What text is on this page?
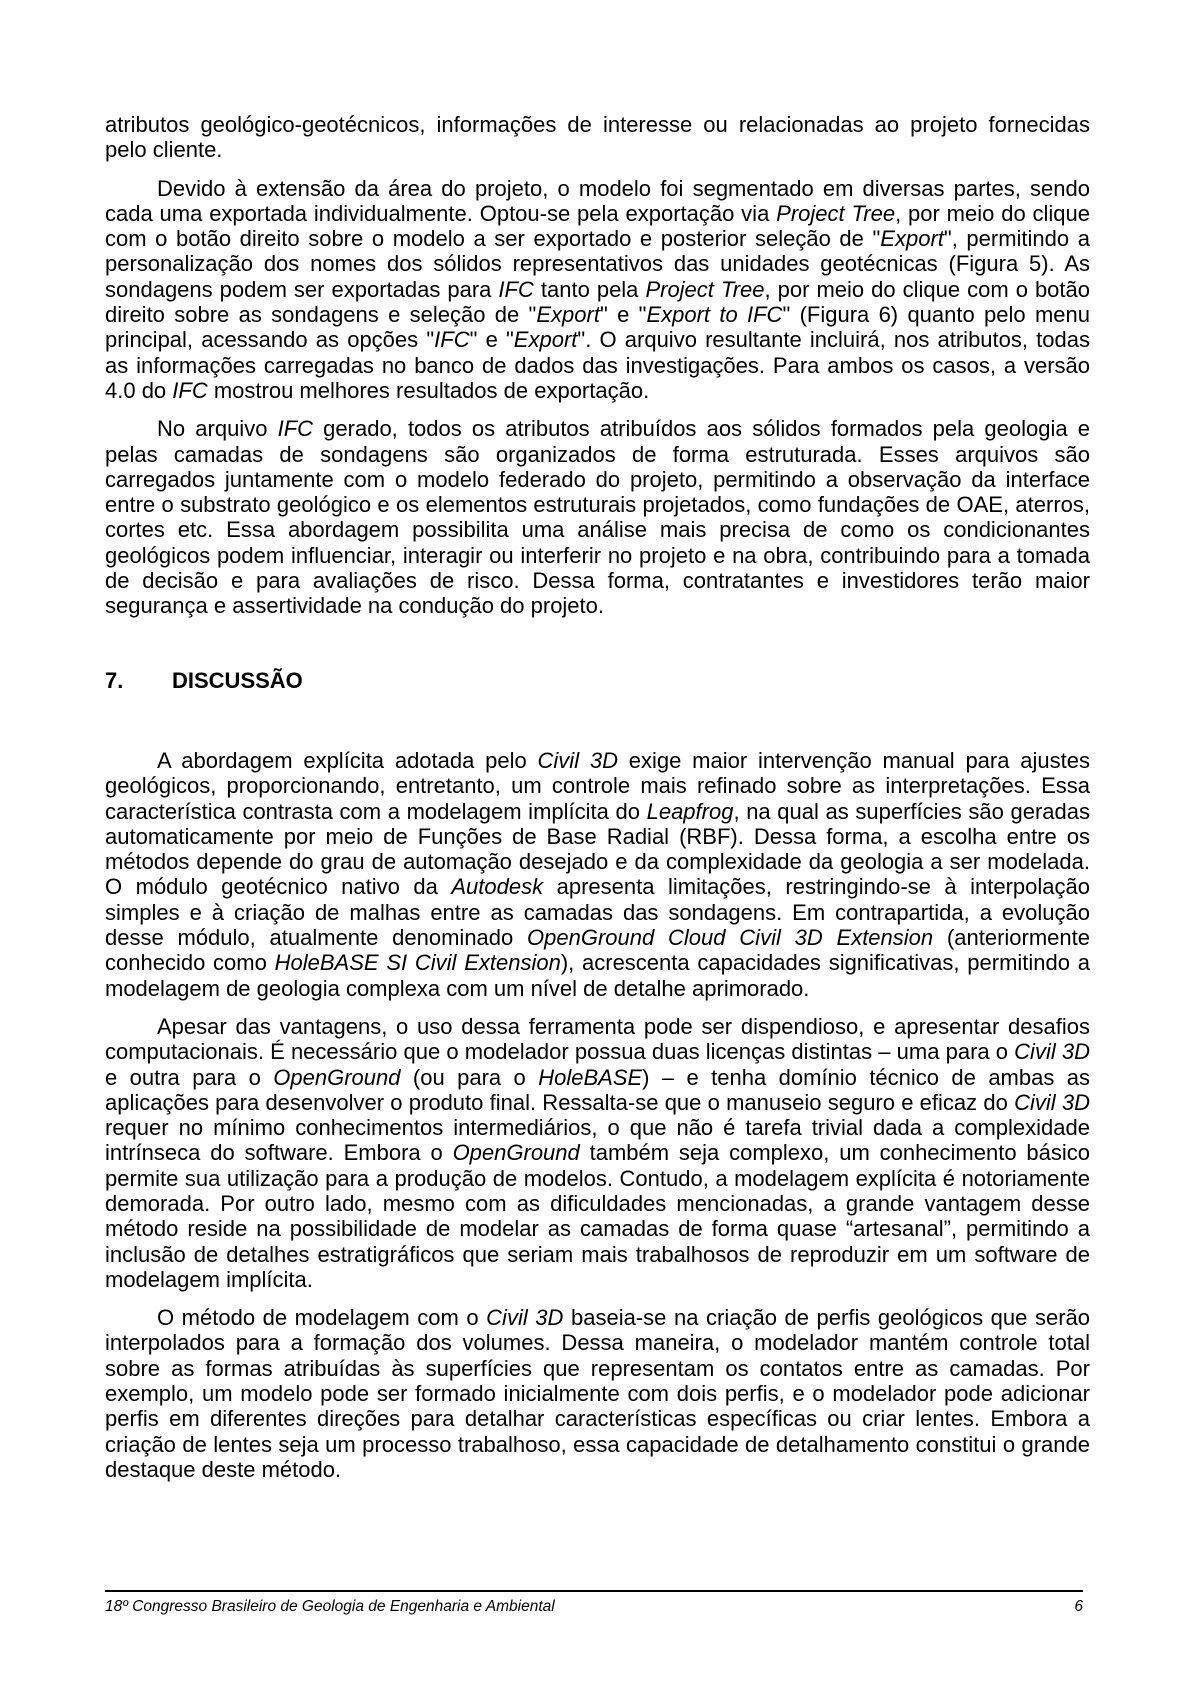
atributos geológico-geotécnicos, informações de interesse ou relacionadas ao projeto fornecidas pelo cliente.

Devido à extensão da área do projeto, o modelo foi segmentado em diversas partes, sendo cada uma exportada individualmente. Optou-se pela exportação via Project Tree, por meio do clique com o botão direito sobre o modelo a ser exportado e posterior seleção de "Export", permitindo a personalização dos nomes dos sólidos representativos das unidades geotécnicas (Figura 5). As sondagens podem ser exportadas para IFC tanto pela Project Tree, por meio do clique com o botão direito sobre as sondagens e seleção de "Export" e "Export to IFC" (Figura 6) quanto pelo menu principal, acessando as opções "IFC" e "Export". O arquivo resultante incluirá, nos atributos, todas as informações carregadas no banco de dados das investigações. Para ambos os casos, a versão 4.0 do IFC mostrou melhores resultados de exportação.

No arquivo IFC gerado, todos os atributos atribuídos aos sólidos formados pela geologia e pelas camadas de sondagens são organizados de forma estruturada. Esses arquivos são carregados juntamente com o modelo federado do projeto, permitindo a observação da interface entre o substrato geológico e os elementos estruturais projetados, como fundações de OAE, aterros, cortes etc. Essa abordagem possibilita uma análise mais precisa de como os condicionantes geológicos podem influenciar, interagir ou interferir no projeto e na obra, contribuindo para a tomada de decisão e para avaliações de risco. Dessa forma, contratantes e investidores terão maior segurança e assertividade na condução do projeto.

7.	DISCUSSÃO

A abordagem explícita adotada pelo Civil 3D exige maior intervenção manual para ajustes geológicos, proporcionando, entretanto, um controle mais refinado sobre as interpretações. Essa característica contrasta com a modelagem implícita do Leapfrog, na qual as superfícies são geradas automaticamente por meio de Funções de Base Radial (RBF). Dessa forma, a escolha entre os métodos depende do grau de automação desejado e da complexidade da geologia a ser modelada. O módulo geotécnico nativo da Autodesk apresenta limitações, restringindo-se à interpolação simples e à criação de malhas entre as camadas das sondagens. Em contrapartida, a evolução desse módulo, atualmente denominado OpenGround Cloud Civil 3D Extension (anteriormente conhecido como HoleBASE SI Civil Extension), acrescenta capacidades significativas, permitindo a modelagem de geologia complexa com um nível de detalhe aprimorado.

Apesar das vantagens, o uso dessa ferramenta pode ser dispendioso, e apresentar desafios computacionais. É necessário que o modelador possua duas licenças distintas – uma para o Civil 3D e outra para o OpenGround (ou para o HoleBASE) – e tenha domínio técnico de ambas as aplicações para desenvolver o produto final. Ressalta-se que o manuseio seguro e eficaz do Civil 3D requer no mínimo conhecimentos intermediários, o que não é tarefa trivial dada a complexidade intrínseca do software. Embora o OpenGround também seja complexo, um conhecimento básico permite sua utilização para a produção de modelos. Contudo, a modelagem explícita é notoriamente demorada. Por outro lado, mesmo com as dificuldades mencionadas, a grande vantagem desse método reside na possibilidade de modelar as camadas de forma quase “artesanal”, permitindo a inclusão de detalhes estratigráficos que seriam mais trabalhosos de reproduzir em um software de modelagem implícita.

O método de modelagem com o Civil 3D baseia-se na criação de perfis geológicos que serão interpolados para a formação dos volumes. Dessa maneira, o modelador mantém controle total sobre as formas atribuídas às superfícies que representam os contatos entre as camadas. Por exemplo, um modelo pode ser formado inicialmente com dois perfis, e o modelador pode adicionar perfis em diferentes direções para detalhar características específicas ou criar lentes. Embora a criação de lentes seja um processo trabalhoso, essa capacidade de detalhamento constitui o grande destaque deste método.

18º Congresso Brasileiro de Geologia de Engenharia e Ambiental	6
